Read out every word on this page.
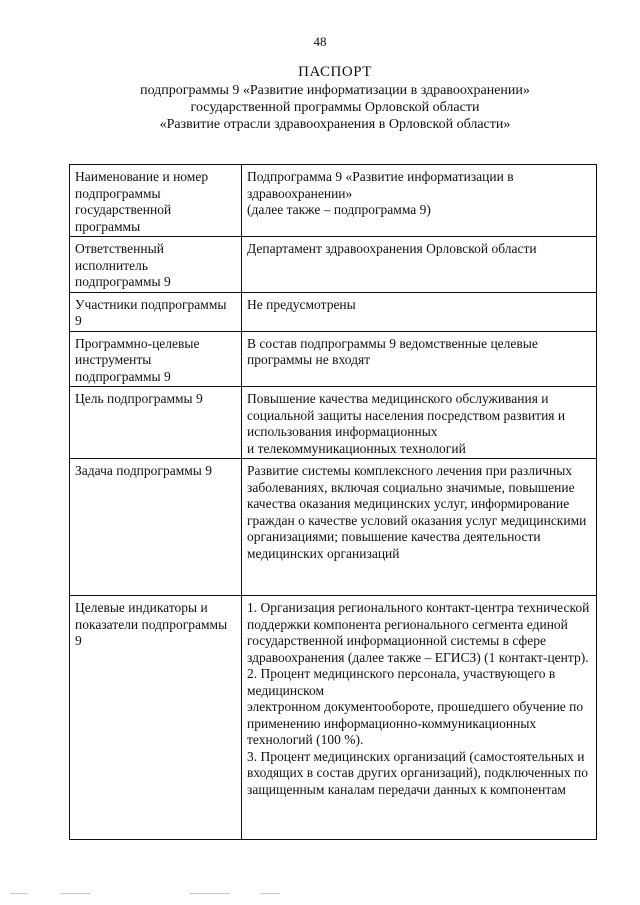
48
ПАСПОРТ
подпрограммы 9 «Развитие информатизации в здравоохранении»
государственной программы Орловской области
«Развитие отрасли здравоохранения в Орловской области»
Наименование и номер подпрограммы государственной программы	Подпрограмма 9 «Развитие информатизации в здравоохранении»
(далее также – подпрограмма 9)

Ответственный исполнитель подпрограммы 9	Департамент здравоохранения Орловской области

Участники подпрограммы 9	Не предусмотрены

Программно-целевые инструменты подпрограммы 9	В состав подпрограммы 9 ведомственные целевые программы не входят

Цель подпрограммы 9	Повышение качества медицинского обслуживания и социальной защиты населения посредством развития и использования информационных
и телекоммуникационных технологий

Задача подпрограммы 9	Развитие системы комплексного лечения при различных заболеваниях, включая социально значимые, повышение качества оказания медицинских услуг, информирование граждан о качестве условий оказания услуг медицинскими организациями; повышение качества деятельности медицинских организаций

Целевые индикаторы и показатели подпрограммы 9	1. Организация регионального контакт-центра технической поддержки компонента регионального сегмента единой государственной информационной системы в сфере здравоохранения (далее также – ЕГИСЗ) (1 контакт-центр).
2. Процент медицинского персонала, участвующего в медицинском
электронном документообороте, прошедшего обучение по применению информационно-коммуникационных технологий (100 %).
3. Процент медицинских организаций (самостоятельных и входящих в состав других организаций), подключенных по защищенным каналам передачи данных к компонентам
